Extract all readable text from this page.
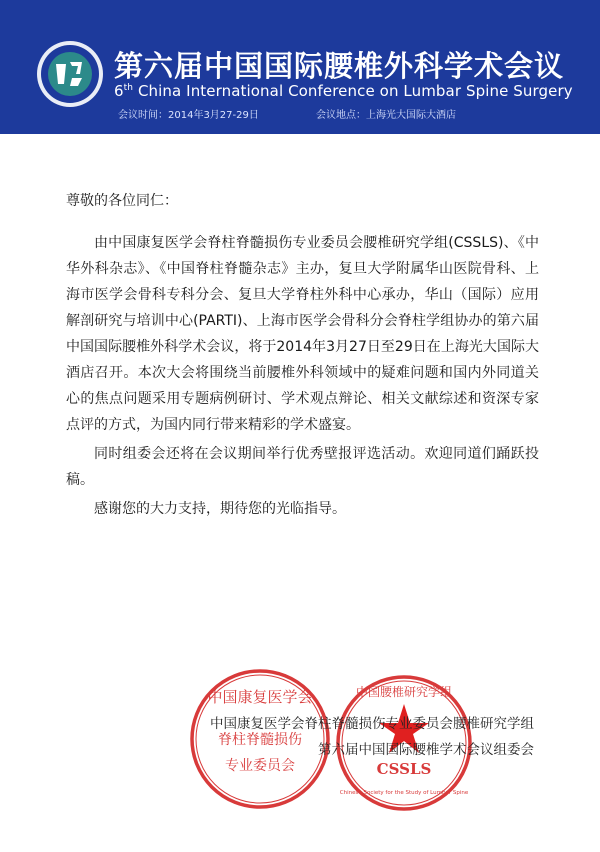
第六届中国国际腰椎外科学术会议
6th China International Conference on Lumbar Spine Surgery
会议时间：2014年3月27-29日	会议地点：上海光大国际大酒店
尊敬的各位同仁：

由中国康复医学会脊柱脊髓损伤专业委员会腰椎研究学组(CSSLS)、《中华外科杂志》、《中国脊柱脊髓杂志》主办，复旦大学附属华山医院骨科、上海市医学会骨科专科分会、复旦大学脊柱外科中心承办，华山（国际）应用解剖研究与培训中心(PARTI)、上海市医学会骨科分会脊柱学组协办的第六届中国国际腰椎外科学术会议，将于2014年3月27日至29日在上海光大国际大酒店召开。本次大会将围绕当前腰椎外科领域中的疑难问题和国内外同道关心的焦点问题采用专题病例研讨、学术观点辩论、相关文献综述和资深专家点评的方式，为国内同行带来精彩的学术盛宴。

同时组委会还将在会议期间举行优秀壁报评选活动。欢迎同道们踊跃投稿。

感谢您的大力支持，期待您的光临指导。

中国康复医学会
脊柱脊髓损伤
专业委员会
中国腰椎研究学组
CSSLS
Chinese Society for the Study of Lumbar Spine
中国康复医学会脊柱脊髓损伤专业委员会腰椎研究学组
第六届中国国际腰椎学术会议组委会
